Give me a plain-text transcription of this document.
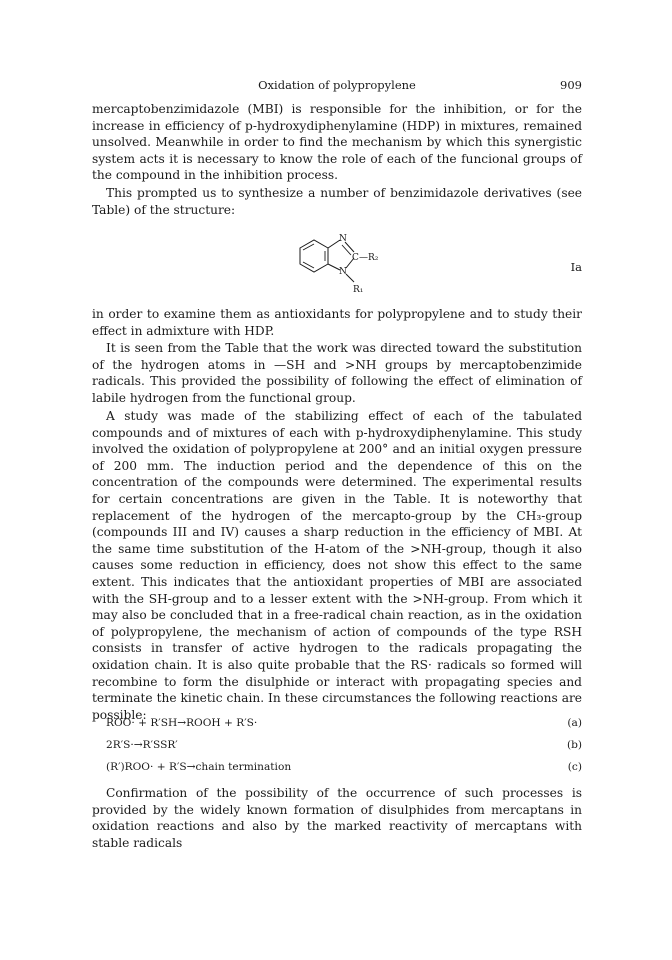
Oxidation of polypropylene	909

mercaptobenzimidazole (MBI) is responsible for the inhibition, or for the increase in efficiency of p-hydroxydiphenylamine (HDP) in mixtures, remained unsolved. Meanwhile in order to find the mechanism by which this synergistic system acts it is necessary to know the role of each of the funcional groups of the compound in the inhibition process.

This prompted us to synthesize a number of benzimidazole derivatives (see Table) of the structure:

N
C —R₂
N
R₁
Ia

in order to examine them as antioxidants for polypropylene and to study their effect in admixture with HDP.

It is seen from the Table that the work was directed toward the substitution of the hydrogen atoms in —SH and >NH groups by mercaptobenzimide radicals. This provided the possibility of following the effect of elimination of labile hydrogen from the functional group.

A study was made of the stabilizing effect of each of the tabulated compounds and of mixtures of each with p-hydroxydiphenylamine. This study involved the oxidation of polypropylene at 200° and an initial oxygen pressure of 200 mm. The induction period and the dependence of this on the concentration of the compounds were determined. The experimental results for certain concentrations are given in the Table. It is noteworthy that replacement of the hydrogen of the mercapto-group by the CH₃-group (compounds III and IV) causes a sharp reduction in the efficiency of MBI. At the same time substitution of the H-atom of the >NH-group, though it also causes some reduction in efficiency, does not show this effect to the same extent. This indicates that the antioxidant properties of MBI are associated with the SH-group and to a lesser extent with the >NH-group. From which it may also be concluded that in a free-radical chain reaction, as in the oxidation of polypropylene, the mechanism of action of compounds of the type RSH consists in transfer of active hydrogen to the radicals propagating the oxidation chain. It is also quite probable that the RS· radicals so formed will recombine to form the disulphide or interact with propagating species and terminate the kinetic chain. In these circumstances the following reactions are possible:

ROO· + R′SH→ROOH + R′S·	(a)
2R′S·→R′SSR′	(b)
(R′)ROO· + R′S→chain termination	(c)

Confirmation of the possibility of the occurrence of such processes is provided by the widely known formation of disulphides from mercaptans in oxidation reactions and also by the marked reactivity of mercaptans with stable radicals
